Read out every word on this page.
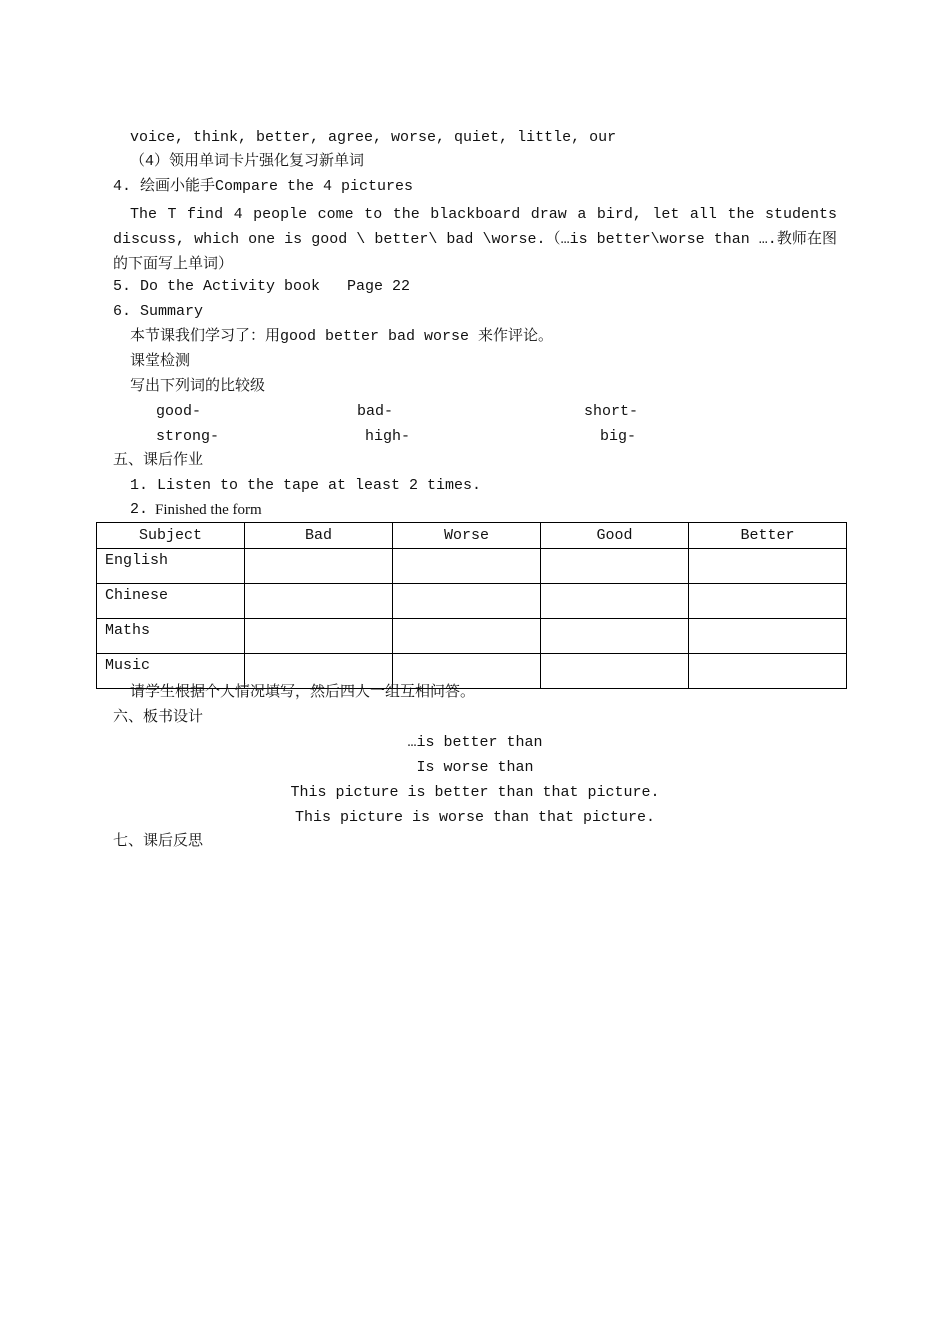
voice, think, better, agree, worse, quiet, little, our
（4）领用单词卡片强化复习新单词
4. 绘画小能手Compare the 4 pictures
The T find 4 people come to the blackboard draw a bird, let all the students discuss, which one is good \ better\ bad \worse.（…is better\worse than ….教师在图的下面写上单词）
5. Do the Activity book   Page 22
6. Summary
本节课我们学习了：用good better bad worse 来作评论。
课堂检测
写出下列词的比较级
good-	bad-	short-
strong-	high-	big-
五、课后作业
1. Listen to the tape at least 2 times.
2. Finished the form
Subject	Bad	Worse	Good	Better
English				
Chinese				
Maths				
Music				
请学生根据个人情况填写，然后四人一组互相问答。
六、板书设计
…is better than
Is worse than
This picture is better than that picture.
This picture is worse than that picture.
七、课后反思
